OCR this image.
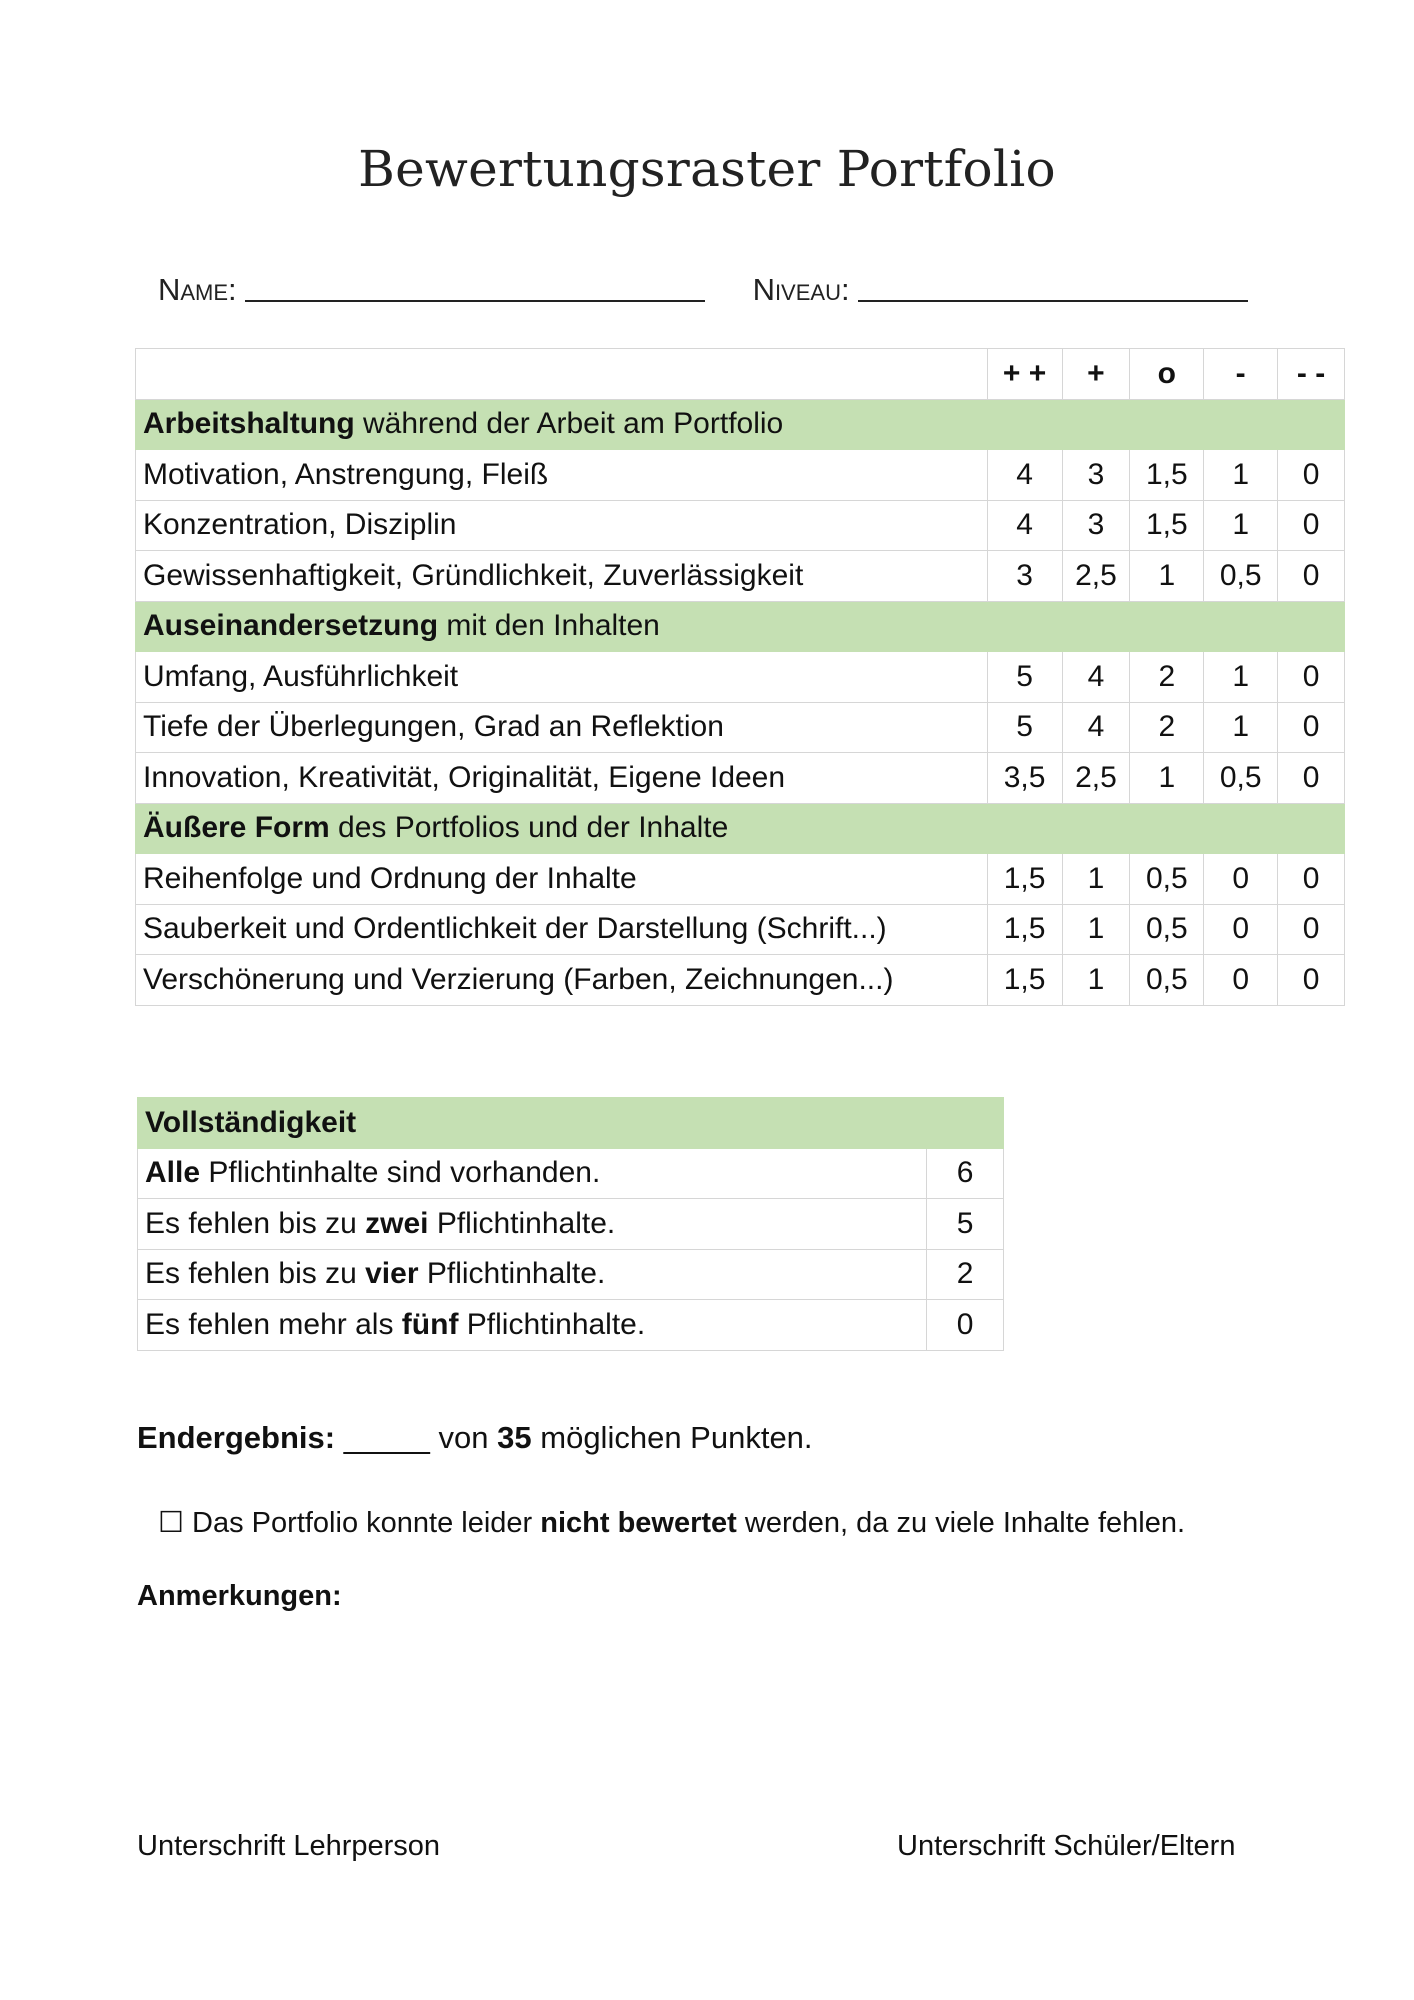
Bewertungsraster Portfolio
Name:	Niveau:
	+ +	+	o	-	- -
Arbeitshaltung während der Arbeit am Portfolio					
Motivation, Anstrengung, Fleiß	4	3	1,5	1	0
Konzentration, Disziplin	4	3	1,5	1	0
Gewissenhaftigkeit, Gründlichkeit, Zuverlässigkeit	3	2,5	1	0,5	0
Auseinandersetzung mit den Inhalten					
Umfang, Ausführlichkeit	5	4	2	1	0
Tiefe der Überlegungen, Grad an Reflektion	5	4	2	1	0
Innovation, Kreativität, Originalität, Eigene Ideen	3,5	2,5	1	0,5	0
Äußere Form des Portfolios und der Inhalte					
Reihenfolge und Ordnung der Inhalte	1,5	1	0,5	0	0
Sauberkeit und Ordentlichkeit der Darstellung (Schrift...)	1,5	1	0,5	0	0
Verschönerung und Verzierung (Farben, Zeichnungen...)	1,5	1	0,5	0	0
Vollständigkeit	
Alle Pflichtinhalte sind vorhanden.	6
Es fehlen bis zu zwei Pflichtinhalte.	5
Es fehlen bis zu vier Pflichtinhalte.	2
Es fehlen mehr als fünf Pflichtinhalte.	0
Endergebnis: _____ von 35 möglichen Punkten.
☐ Das Portfolio konnte leider nicht bewertet werden, da zu viele Inhalte fehlen.
Anmerkungen:
Unterschrift Lehrperson	Unterschrift Schüler/Eltern
